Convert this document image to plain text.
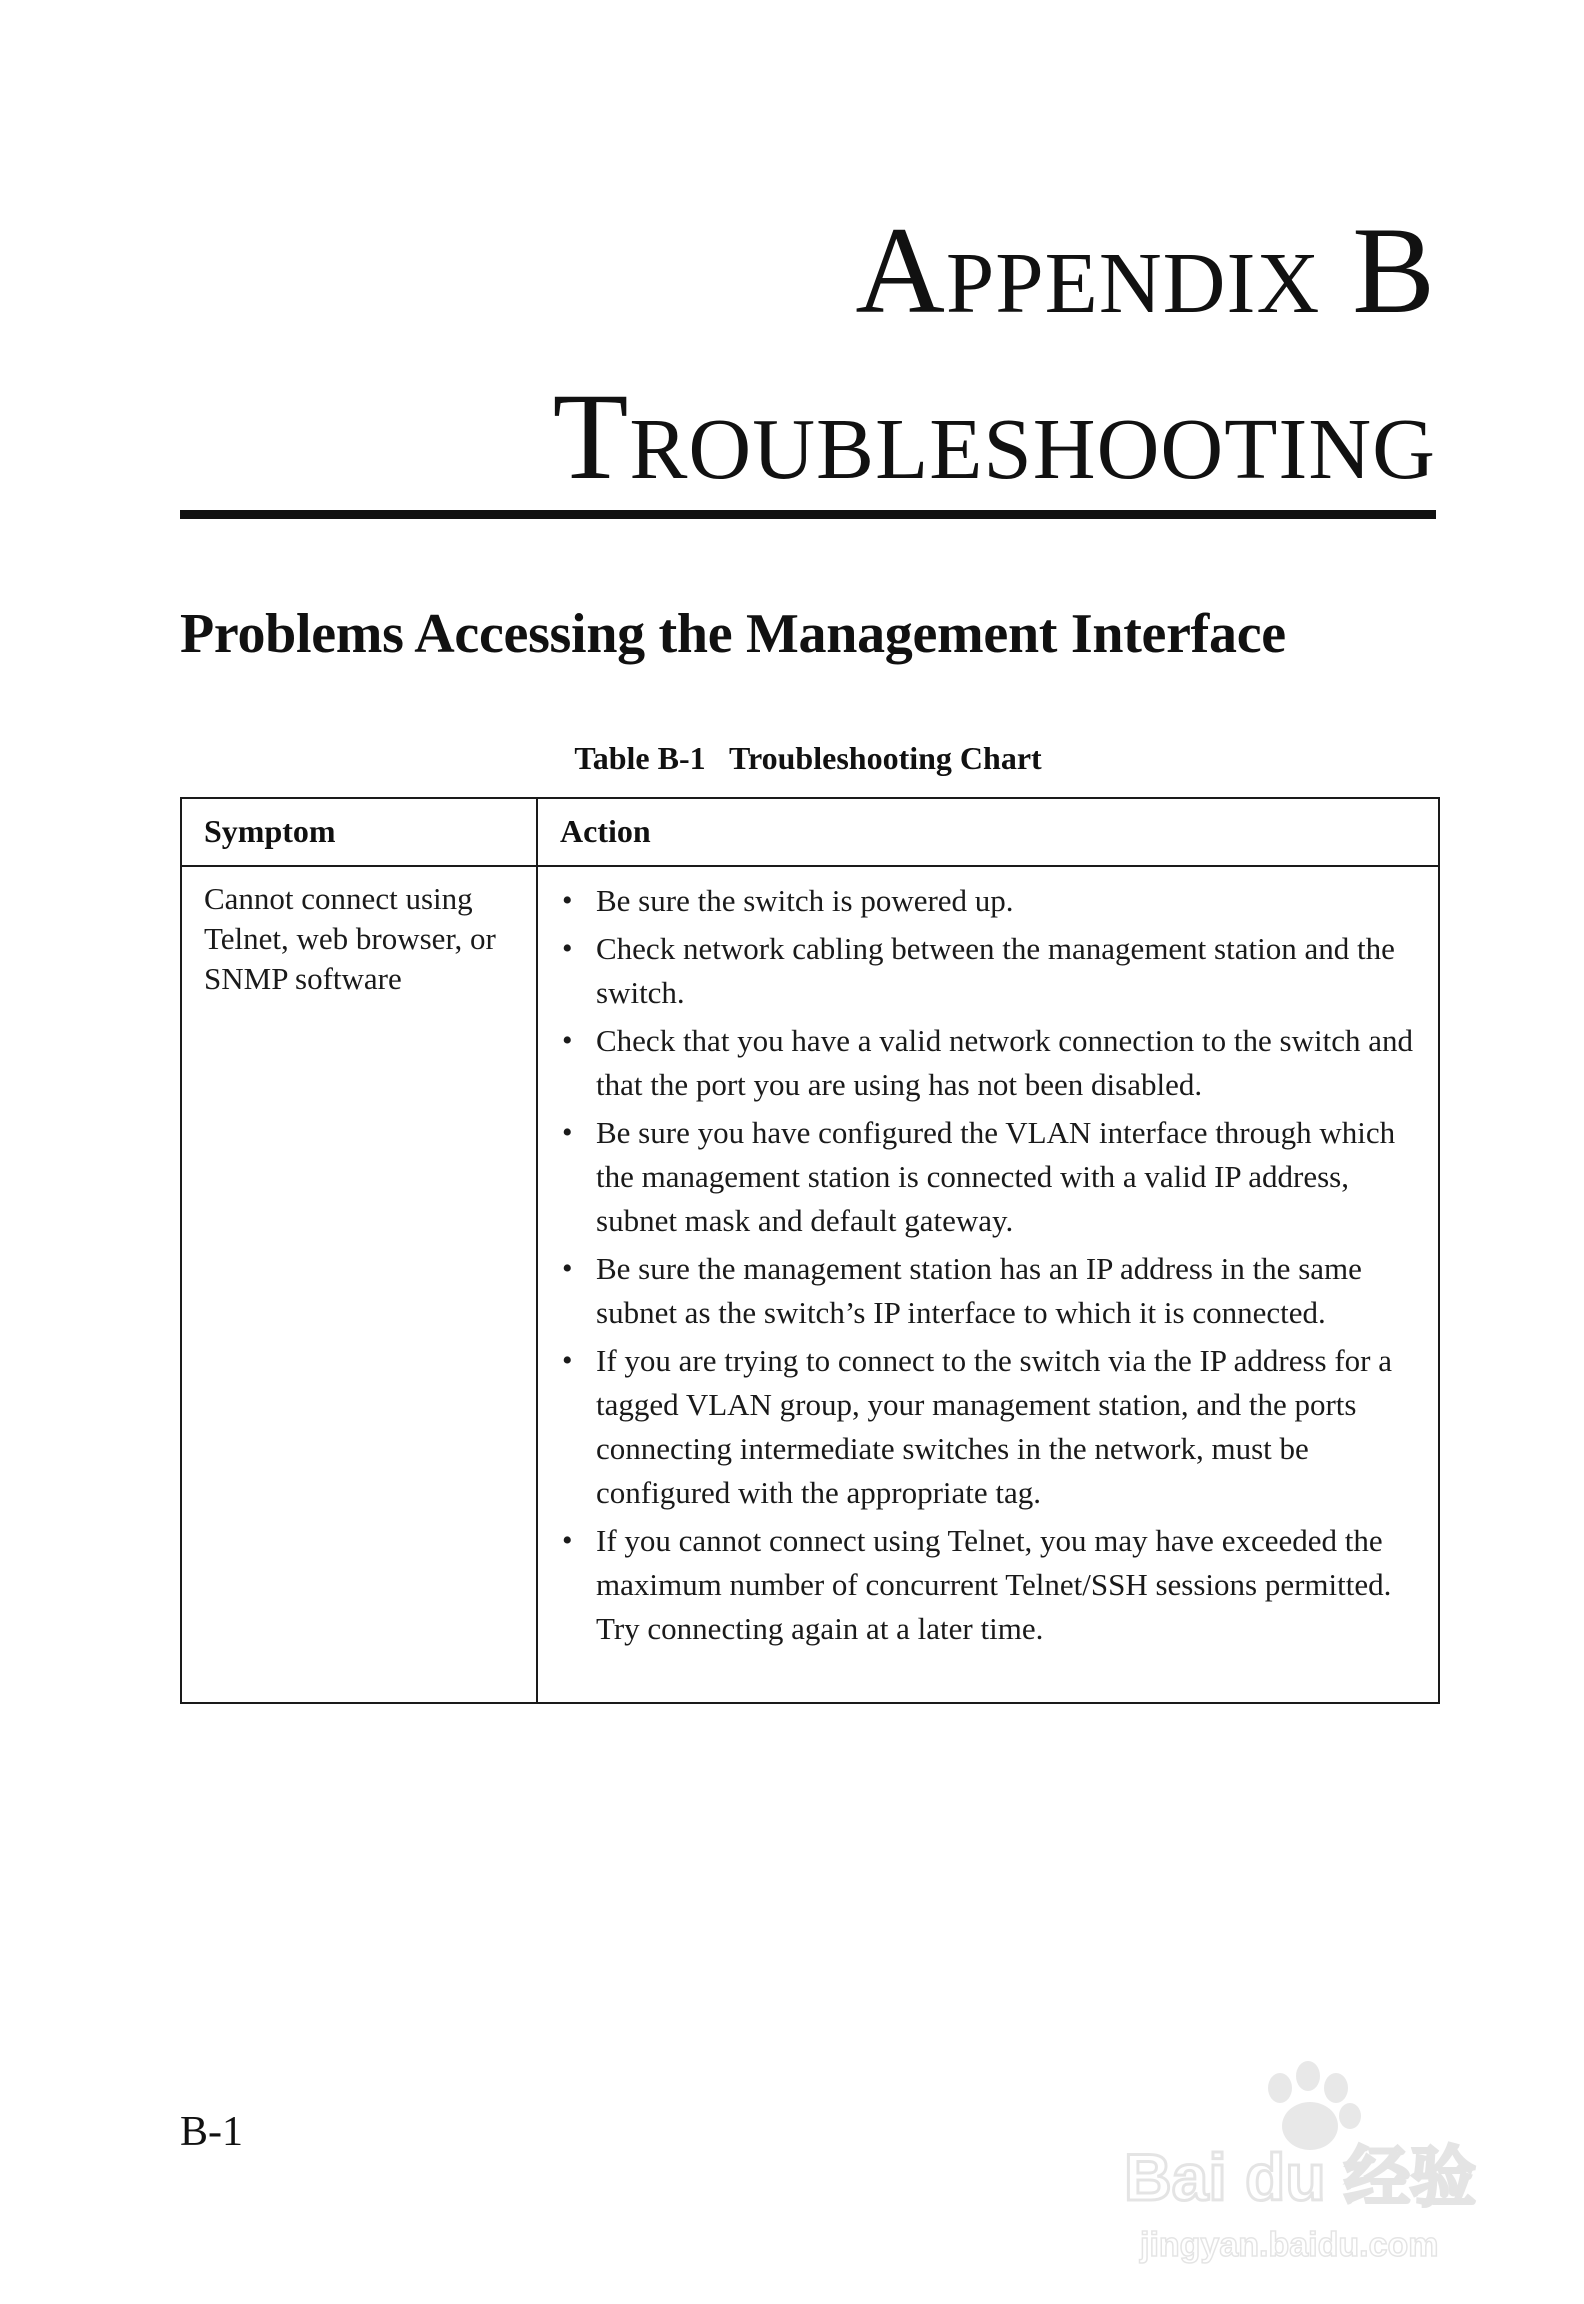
Appendix B
Troubleshooting
Problems Accessing the Management Interface
Table B-1   Troubleshooting Chart
Symptom	Action
Cannot connect using Telnet, web browser, or SNMP software
• Be sure the switch is powered up.
• Check network cabling between the management station and the switch.
• Check that you have a valid network connection to the switch and that the port you are using has not been disabled.
• Be sure you have configured the VLAN interface through which the management station is connected with a valid IP address, subnet mask and default gateway.
• Be sure the management station has an IP address in the same subnet as the switch’s IP interface to which it is connected.
• If you are trying to connect to the switch via the IP address for a tagged VLAN group, your management station, and the ports connecting intermediate switches in the network, must be configured with the appropriate tag.
• If you cannot connect using Telnet, you may have exceeded the maximum number of concurrent Telnet/SSH sessions permitted. Try connecting again at a later time.
B-1
Bai du 经验
jingyan.baidu.com
